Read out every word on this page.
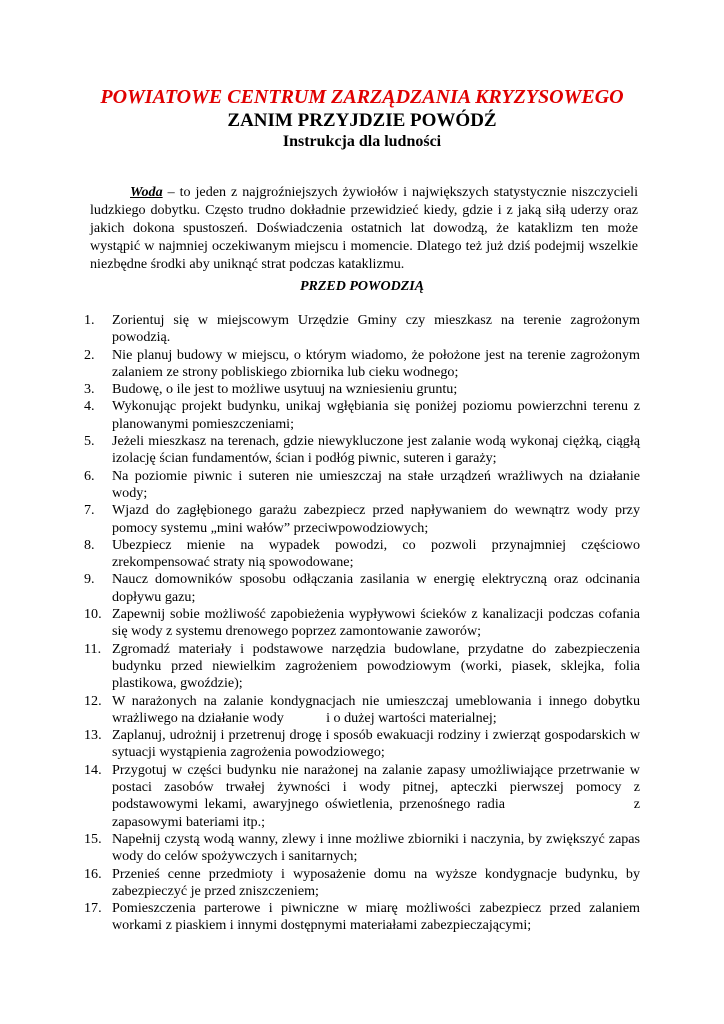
POWIATOWE CENTRUM ZARZĄDZANIA KRYZYSOWEGO
ZANIM PRZYJDZIE POWÓDŹ
Instrukcja dla ludności

Woda – to jeden z najgroźniejszych żywiołów i największych statystycznie niszczycieli ludzkiego dobytku. Często trudno dokładnie przewidzieć kiedy, gdzie i z jaką siłą uderzy oraz jakich dokona spustoszeń. Doświadczenia ostatnich lat dowodzą, że kataklizm ten może wystąpić w najmniej oczekiwanym miejscu i momencie. Dlatego też już dziś podejmij wszelkie niezbędne środki aby uniknąć strat podczas kataklizmu.

PRZED POWODZIĄ
1. Zorientuj się w miejscowym Urzędzie Gminy czy mieszkasz na terenie zagrożonym powodzią.
2. Nie planuj budowy w miejscu, o którym wiadomo, że położone jest na terenie zagrożonym zalaniem ze strony pobliskiego zbiornika lub cieku wodnego;
3. Budowę, o ile jest to możliwe usytuuj na wzniesieniu gruntu;
4. Wykonując projekt budynku, unikaj wgłębiania się poniżej poziomu powierzchni terenu z planowanymi pomieszczeniami;
5. Jeżeli mieszkasz na terenach, gdzie niewykluczone jest zalanie wodą wykonaj ciężką, ciągłą izolację ścian fundamentów, ścian i podłóg piwnic, suteren i garaży;
6. Na poziomie piwnic i suteren nie umieszczaj na stałe urządzeń wrażliwych na działanie wody;
7. Wjazd do zagłębionego garażu zabezpiecz przed napływaniem do wewnątrz wody przy pomocy systemu „mini wałów” przeciwpowodziowych;
8. Ubezpiecz mienie na wypadek powodzi, co pozwoli przynajmniej częściowo zrekompensować straty nią spowodowane;
9. Naucz domowników sposobu odłączania zasilania w energię elektryczną oraz odcinania dopływu gazu;
10. Zapewnij sobie możliwość zapobieżenia wypływowi ścieków z kanalizacji podczas cofania się wody z systemu drenowego poprzez zamontowanie zaworów;
11. Zgromadź materiały i podstawowe narzędzia budowlane, przydatne do zabezpieczenia budynku przed niewielkim zagrożeniem powodziowym (worki, piasek, sklejka, folia plastikowa, gwoździe);
12. W narażonych na zalanie kondygnacjach nie umieszczaj umeblowania i innego dobytku wrażliwego na działanie wody            i o dużej wartości materialnej;
13. Zaplanuj, udrożnij i przetrenuj drogę i sposób ewakuacji rodziny i zwierząt gospodarskich w sytuacji wystąpienia zagrożenia powodziowego;
14. Przygotuj w części budynku nie narażonej na zalanie zapasy umożliwiające przetrwanie w postaci zasobów trwałej żywności i wody pitnej, apteczki pierwszej pomocy z podstawowymi lekami, awaryjnego oświetlenia, przenośnego radia                    z zapasowymi bateriami itp.;
15. Napełnij czystą wodą wanny, zlewy i inne możliwe zbiorniki i naczynia, by zwiększyć zapas wody do celów spożywczych i sanitarnych;
16. Przenieś cenne przedmioty i wyposażenie domu na wyższe kondygnacje budynku, by zabezpieczyć je przed zniszczeniem;
17. Pomieszczenia parterowe i piwniczne w miarę możliwości zabezpiecz przed zalaniem workami z piaskiem i innymi dostępnymi materiałami zabezpieczającymi;
